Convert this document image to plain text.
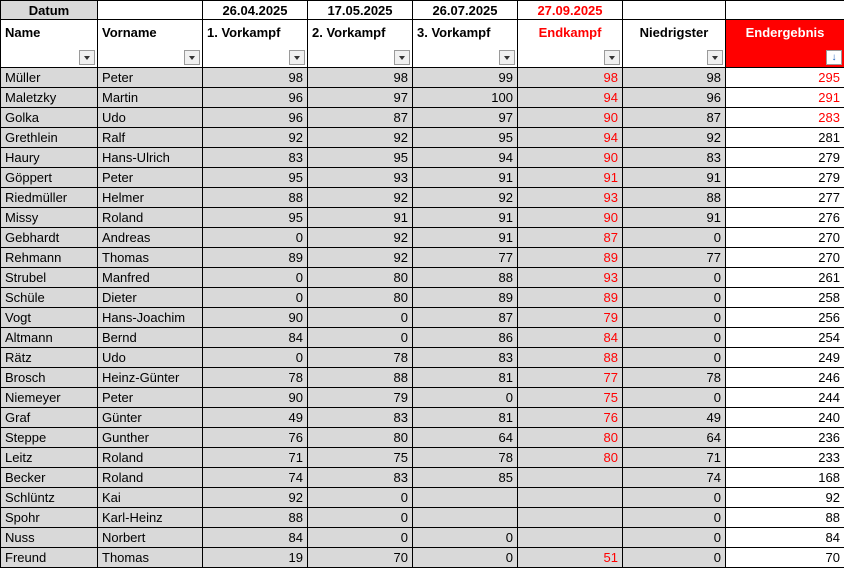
Datum		26.04.2025	17.05.2025	26.07.2025	27.09.2025		
Name	Vorname	1. Vorkampf	2. Vorkampf	3. Vorkampf	Endkampf	Niedrigster	Endergebnis
↓

Müller	Peter	98	98	99	98	98	295
Maletzky	Martin	96	97	100	94	96	291
Golka	Udo	96	87	97	90	87	283
Grethlein	Ralf	92	92	95	94	92	281
Haury	Hans-Ulrich	83	95	94	90	83	279
Göppert	Peter	95	93	91	91	91	279
Riedmüller	Helmer	88	92	92	93	88	277
Missy	Roland	95	91	91	90	91	276
Gebhardt	Andreas	0	92	91	87	0	270
Rehmann	Thomas	89	92	77	89	77	270
Strubel	Manfred	0	80	88	93	0	261
Schüle	Dieter	0	80	89	89	0	258
Vogt	Hans-Joachim	90	0	87	79	0	256
Altmann	Bernd	84	0	86	84	0	254
Rätz	Udo	0	78	83	88	0	249
Brosch	Heinz-Günter	78	88	81	77	78	246
Niemeyer	Peter	90	79	0	75	0	244
Graf	Günter	49	83	81	76	49	240
Steppe	Gunther	76	80	64	80	64	236
Leitz	Roland	71	75	78	80	71	233
Becker	Roland	74	83	85		74	168
Schlüntz	Kai	92	0			0	92
Spohr	Karl-Heinz	88	0			0	88
Nuss	Norbert	84	0	0		0	84
Freund	Thomas	19	70	0	51	0	70
